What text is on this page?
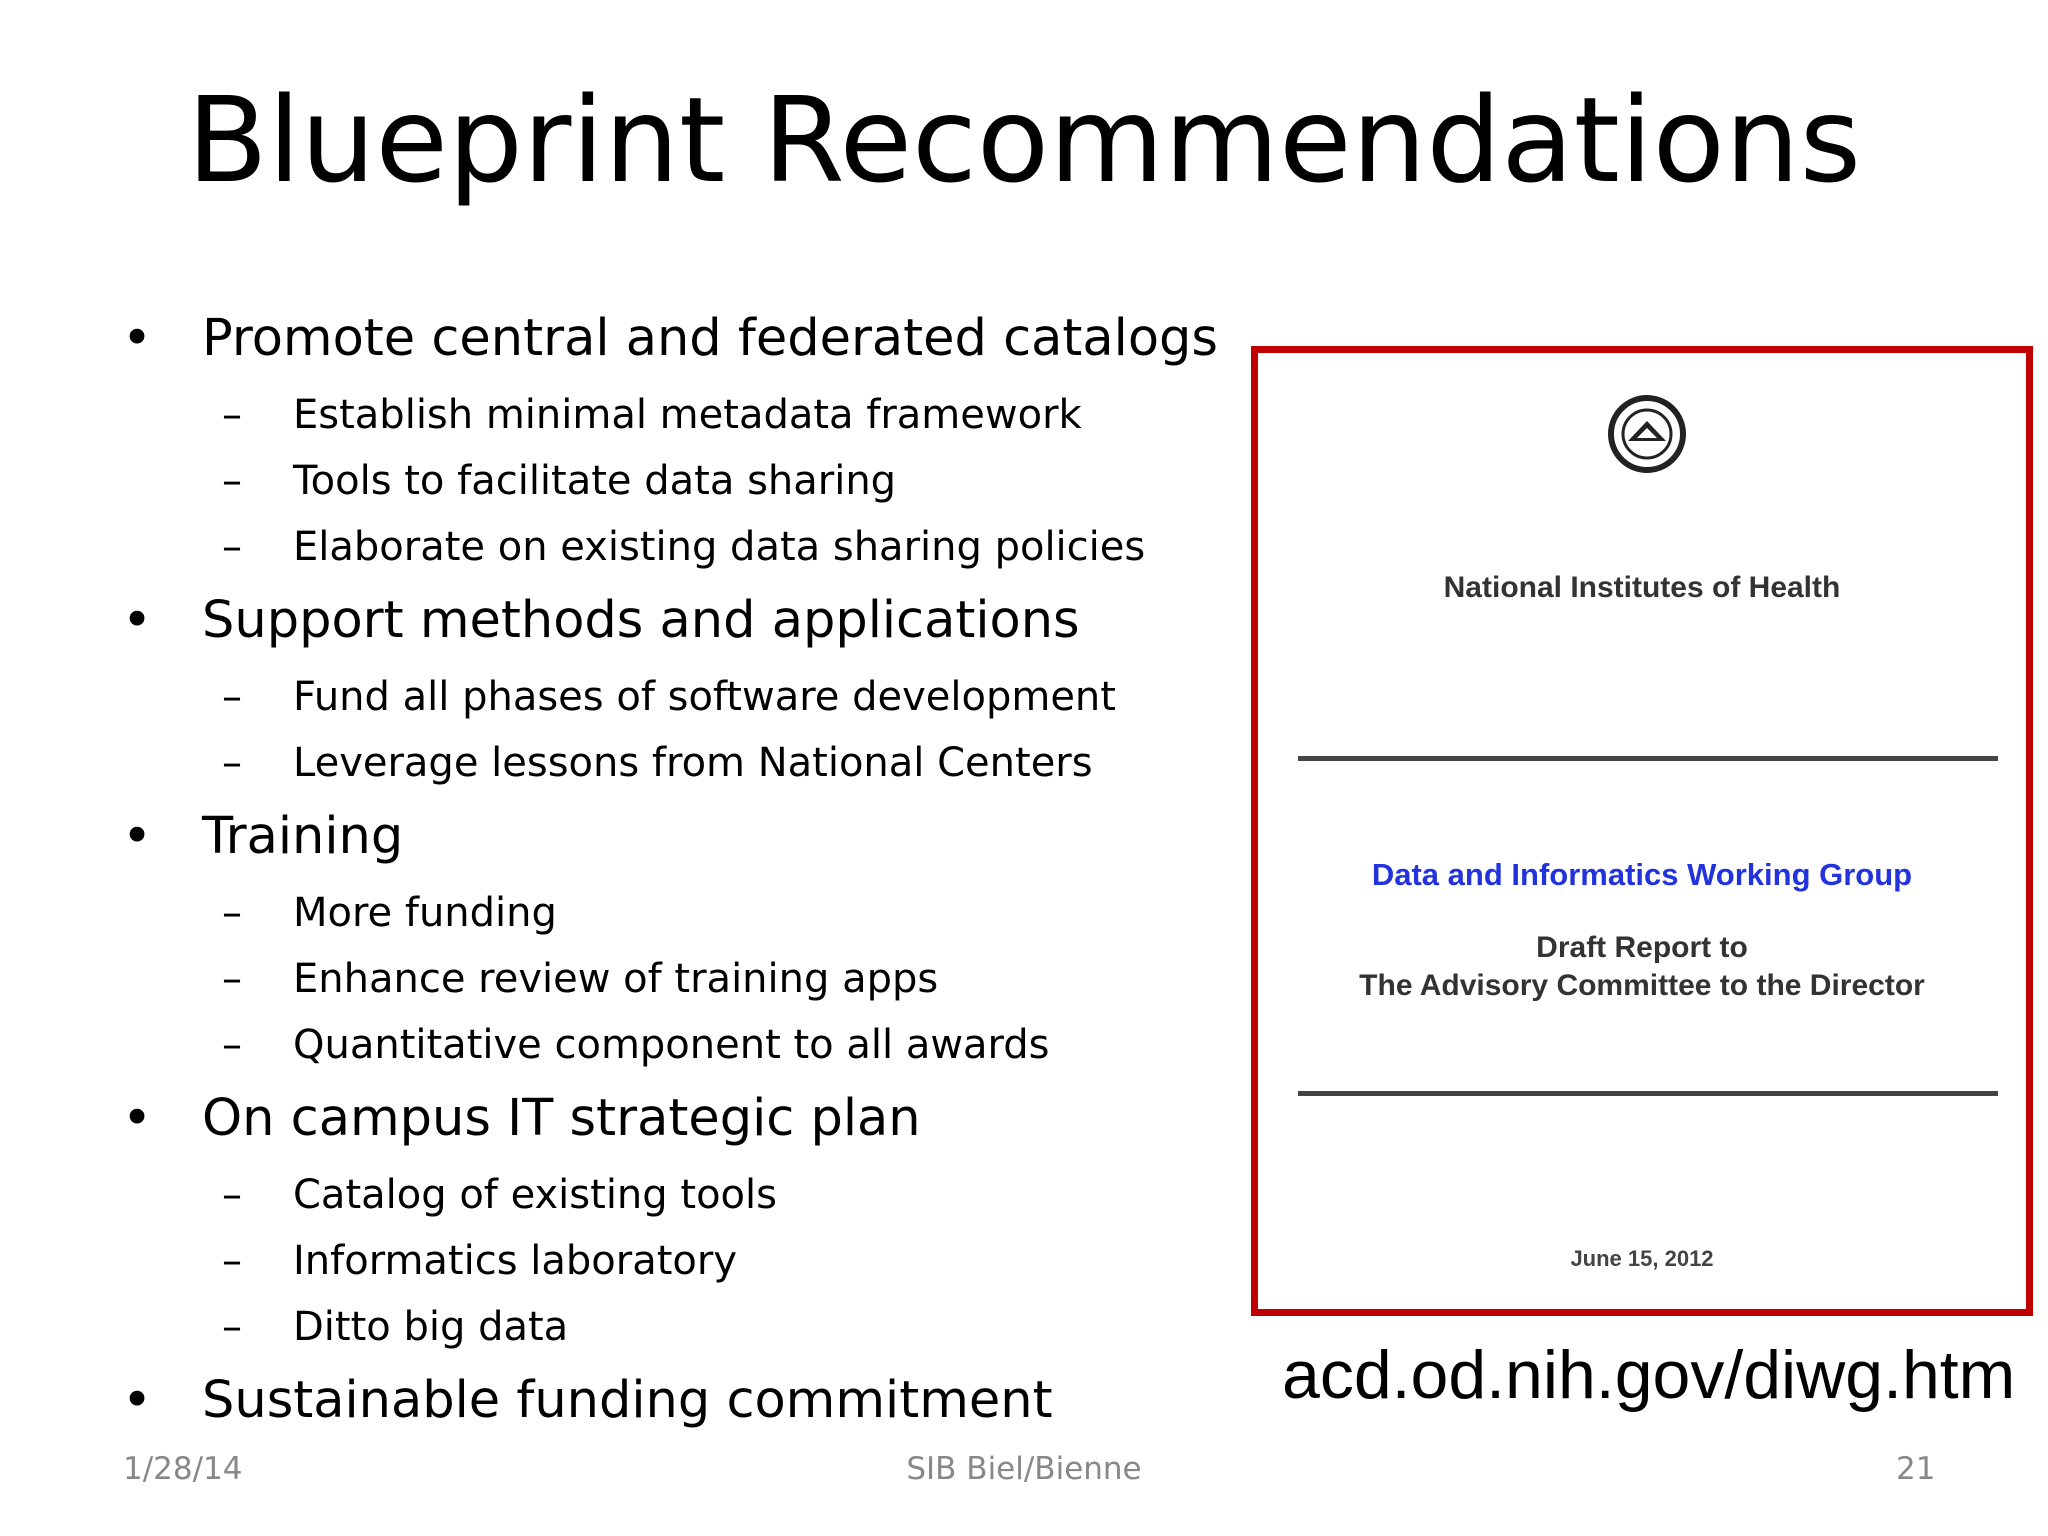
Blueprint Recommendations
• Promote central and federated catalogs
– Establish minimal metadata framework
– Tools to facilitate data sharing
– Elaborate on existing data sharing policies
• Support methods and applications
– Fund all phases of software development
– Leverage lessons from National Centers
• Training
– More funding
– Enhance review of training apps
– Quantitative component to all awards
• On campus IT strategic plan
– Catalog of existing tools
– Informatics laboratory
– Ditto big data
• Sustainable funding commitment
National Institutes of Health
Data and Informatics Working Group
Draft Report to
The Advisory Committee to the Director
June 15, 2012
acd.od.nih.gov/diwg.htm
1/28/14	SIB Biel/Bienne	21
